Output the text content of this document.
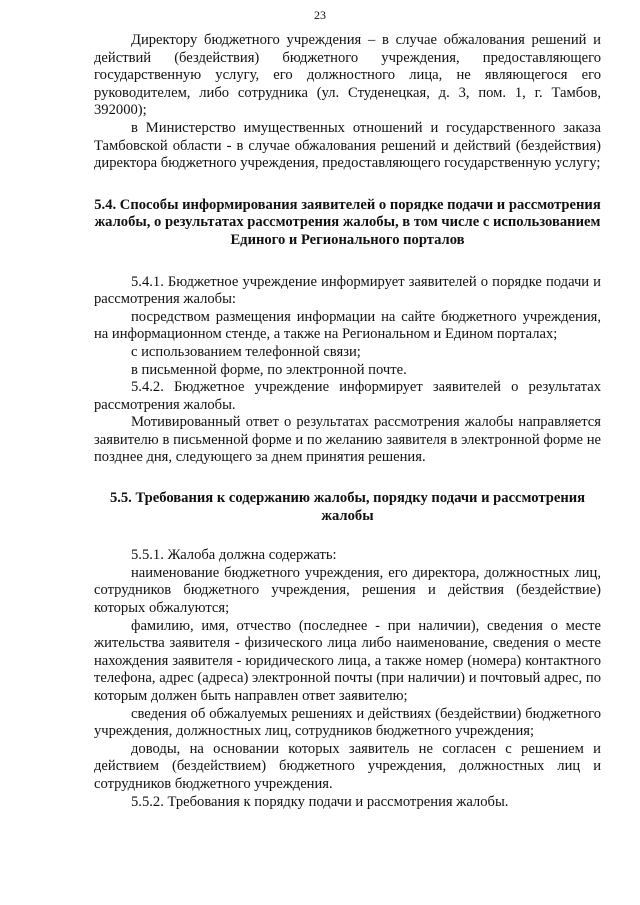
23

Директору бюджетного учреждения – в случае обжалования решений и действий (бездействия) бюджетного учреждения, предоставляющего государственную услугу, его должностного лица, не являющегося его руководителем, либо сотрудника (ул. Студенецкая, д. 3, пом. 1, г. Тамбов, 392000);

в Министерство имущественных отношений и государственного заказа Тамбовской области - в случае обжалования решений и действий (бездействия) директора бюджетного учреждения, предоставляющего государственную услугу;

5.4. Способы информирования заявителей о порядке подачи и рассмотрения жалобы, о результатах рассмотрения жалобы, в том числе с использованием Единого и Регионального порталов

5.4.1. Бюджетное учреждение информирует заявителей о порядке подачи и рассмотрения жалобы:

посредством размещения информации на сайте бюджетного учреждения, на информационном стенде, а также на Региональном и Едином порталах;

с использованием телефонной связи;

в письменной форме, по электронной почте.

5.4.2. Бюджетное учреждение информирует заявителей о результатах рассмотрения жалобы.

Мотивированный ответ о результатах рассмотрения жалобы направляется заявителю в письменной форме и по желанию заявителя в электронной форме не позднее дня, следующего за днем принятия решения.

5.5. Требования к содержанию жалобы, порядку подачи и рассмотрения жалобы

5.5.1. Жалоба должна содержать:

наименование бюджетного учреждения, его директора, должностных лиц, сотрудников бюджетного учреждения, решения и действия (бездействие) которых обжалуются;

фамилию, имя, отчество (последнее - при наличии), сведения о месте жительства заявителя - физического лица либо наименование, сведения о месте нахождения заявителя - юридического лица, а также номер (номера) контактного телефона, адрес (адреса) электронной почты (при наличии) и почтовый адрес, по которым должен быть направлен ответ заявителю;

сведения об обжалуемых решениях и действиях (бездействии) бюджетного учреждения, должностных лиц, сотрудников бюджетного учреждения;

доводы, на основании которых заявитель не согласен с решением и действием (бездействием) бюджетного учреждения, должностных лиц и сотрудников бюджетного учреждения.

5.5.2. Требования к порядку подачи и рассмотрения жалобы.
